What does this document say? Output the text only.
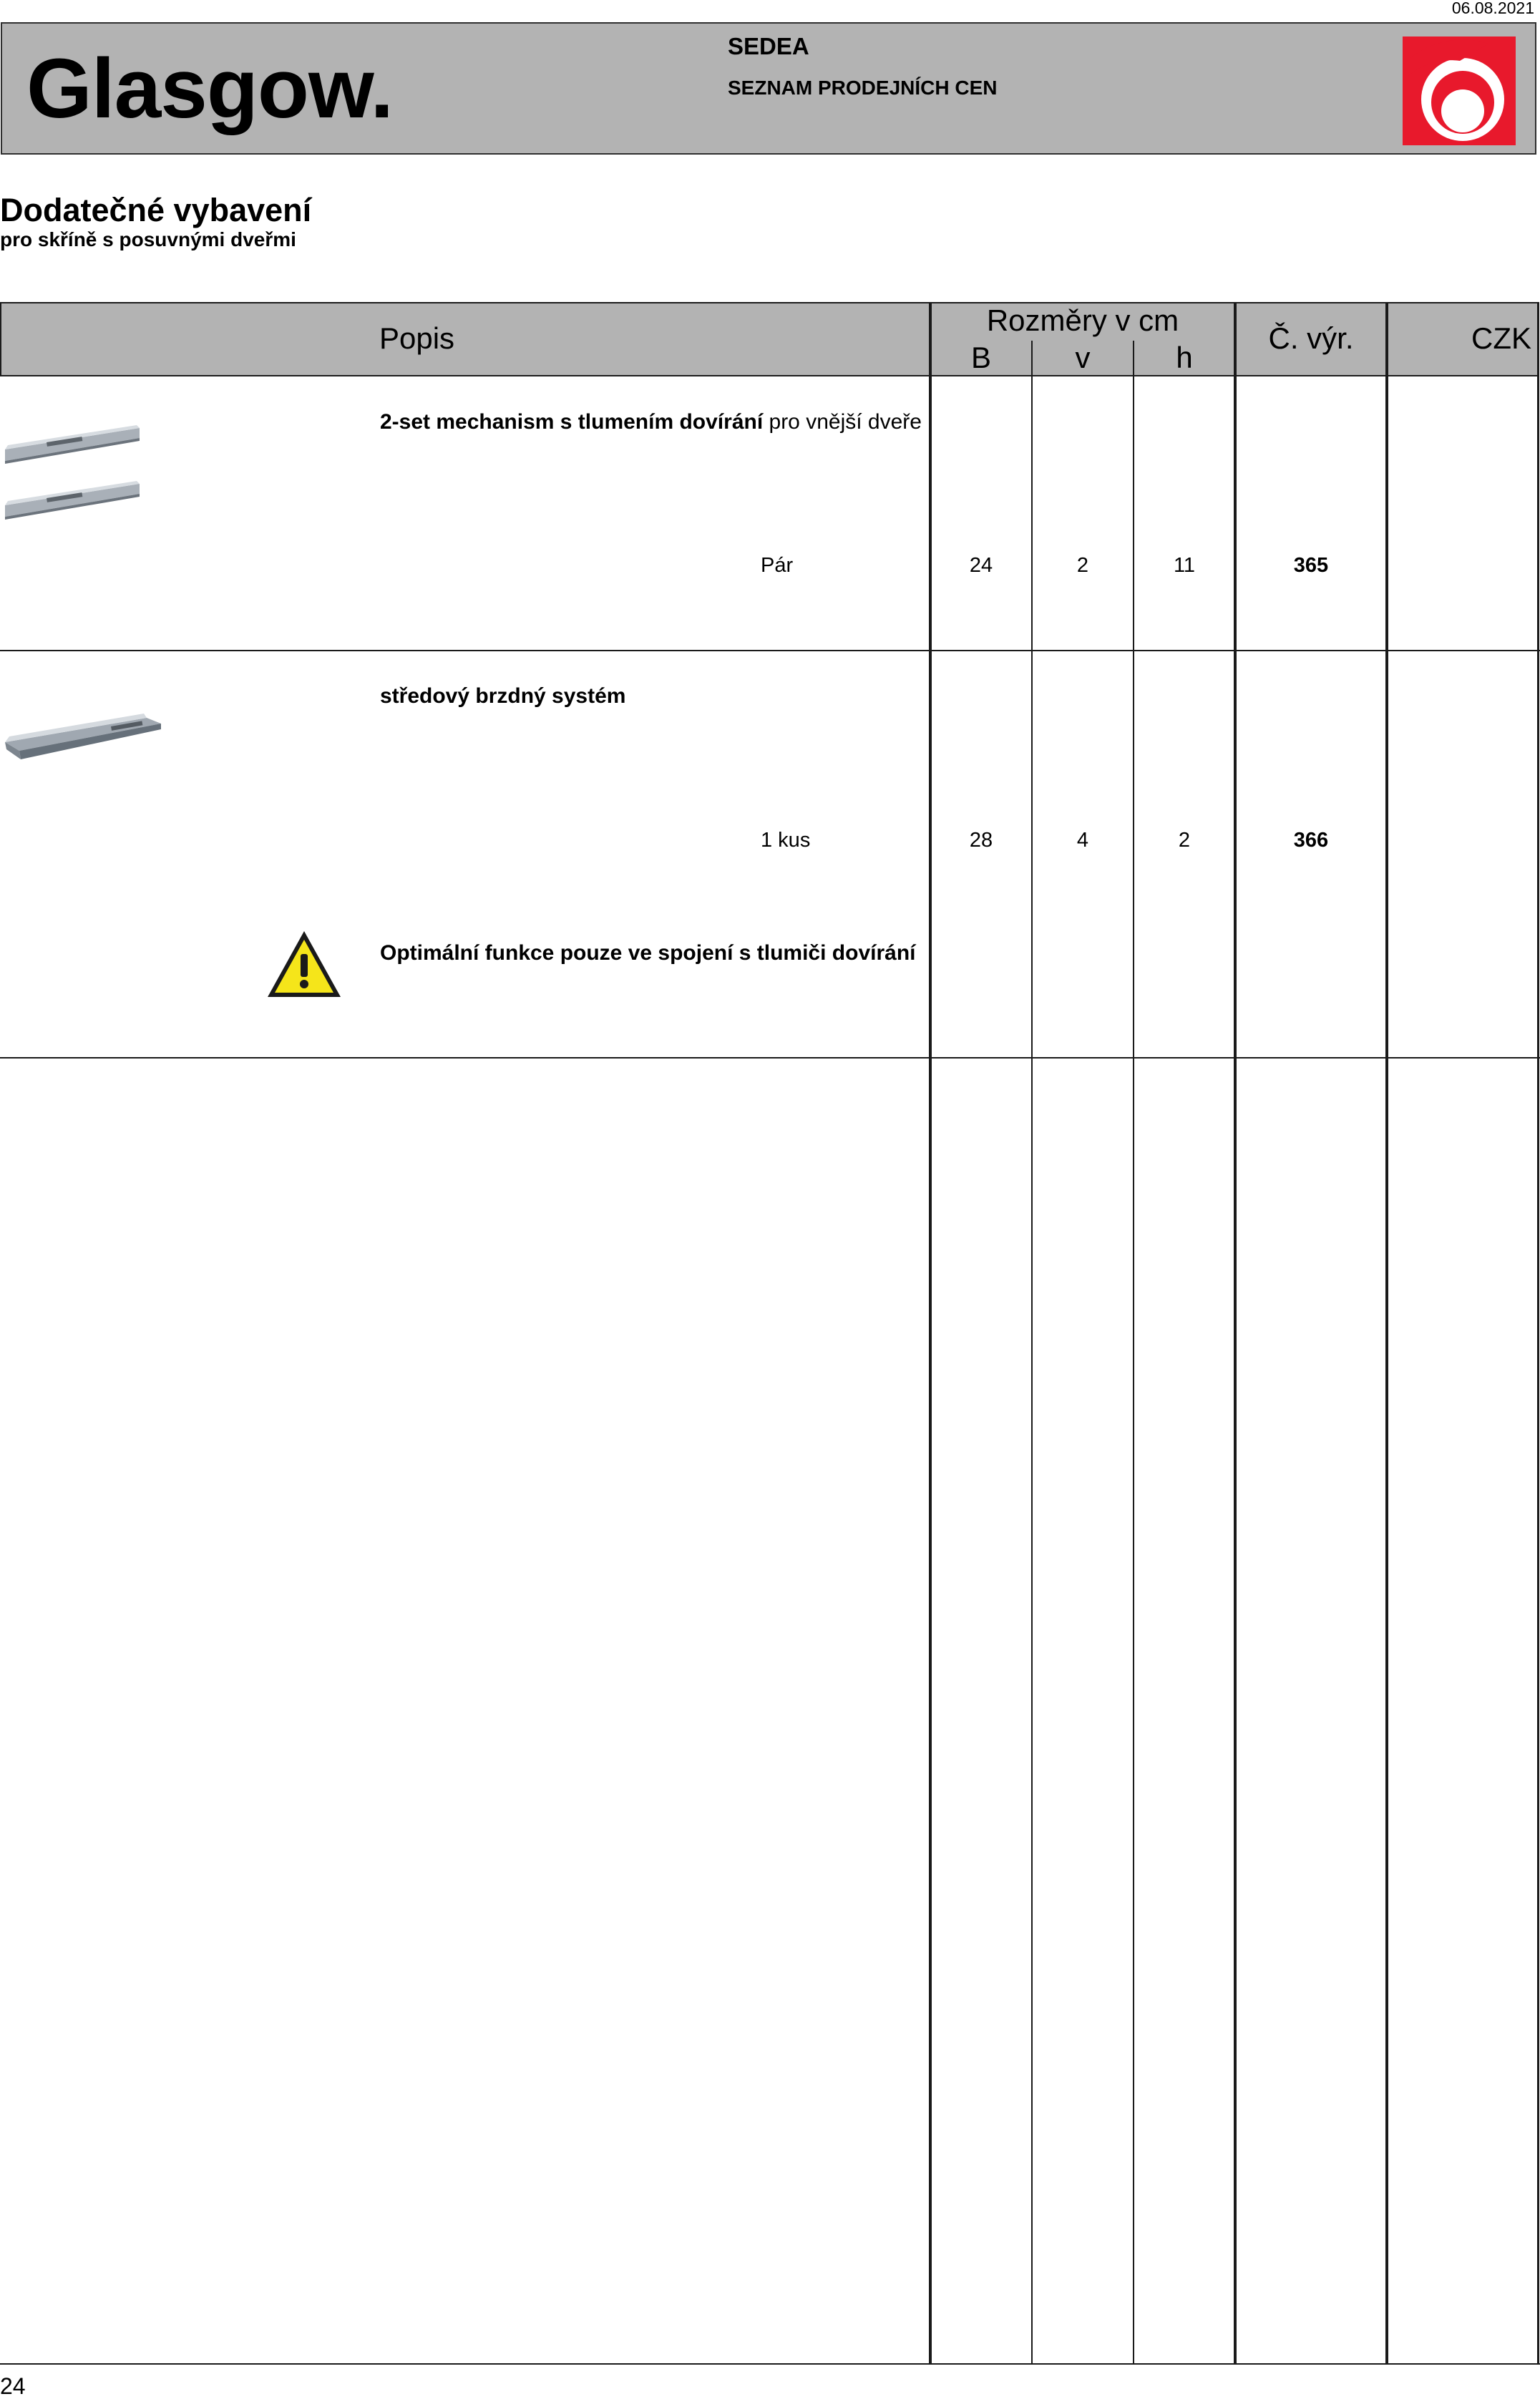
06.08.2021
Glasgow.	SEDEA
SEZNAM PRODEJNÍCH CEN
Dodatečné vybavení
pro skříně s posuvnými dveřmi
Popis
Rozměry v cm
B	v	h
Č. výr.	CZK
2-set mechanism s tlumením dovírání pro vnější dveře
Pár	24	2	11	365
středový brzdný systém
1 kus	28	4	2	366
Optimální funkce pouze ve spojení s tlumiči dovírání
24
